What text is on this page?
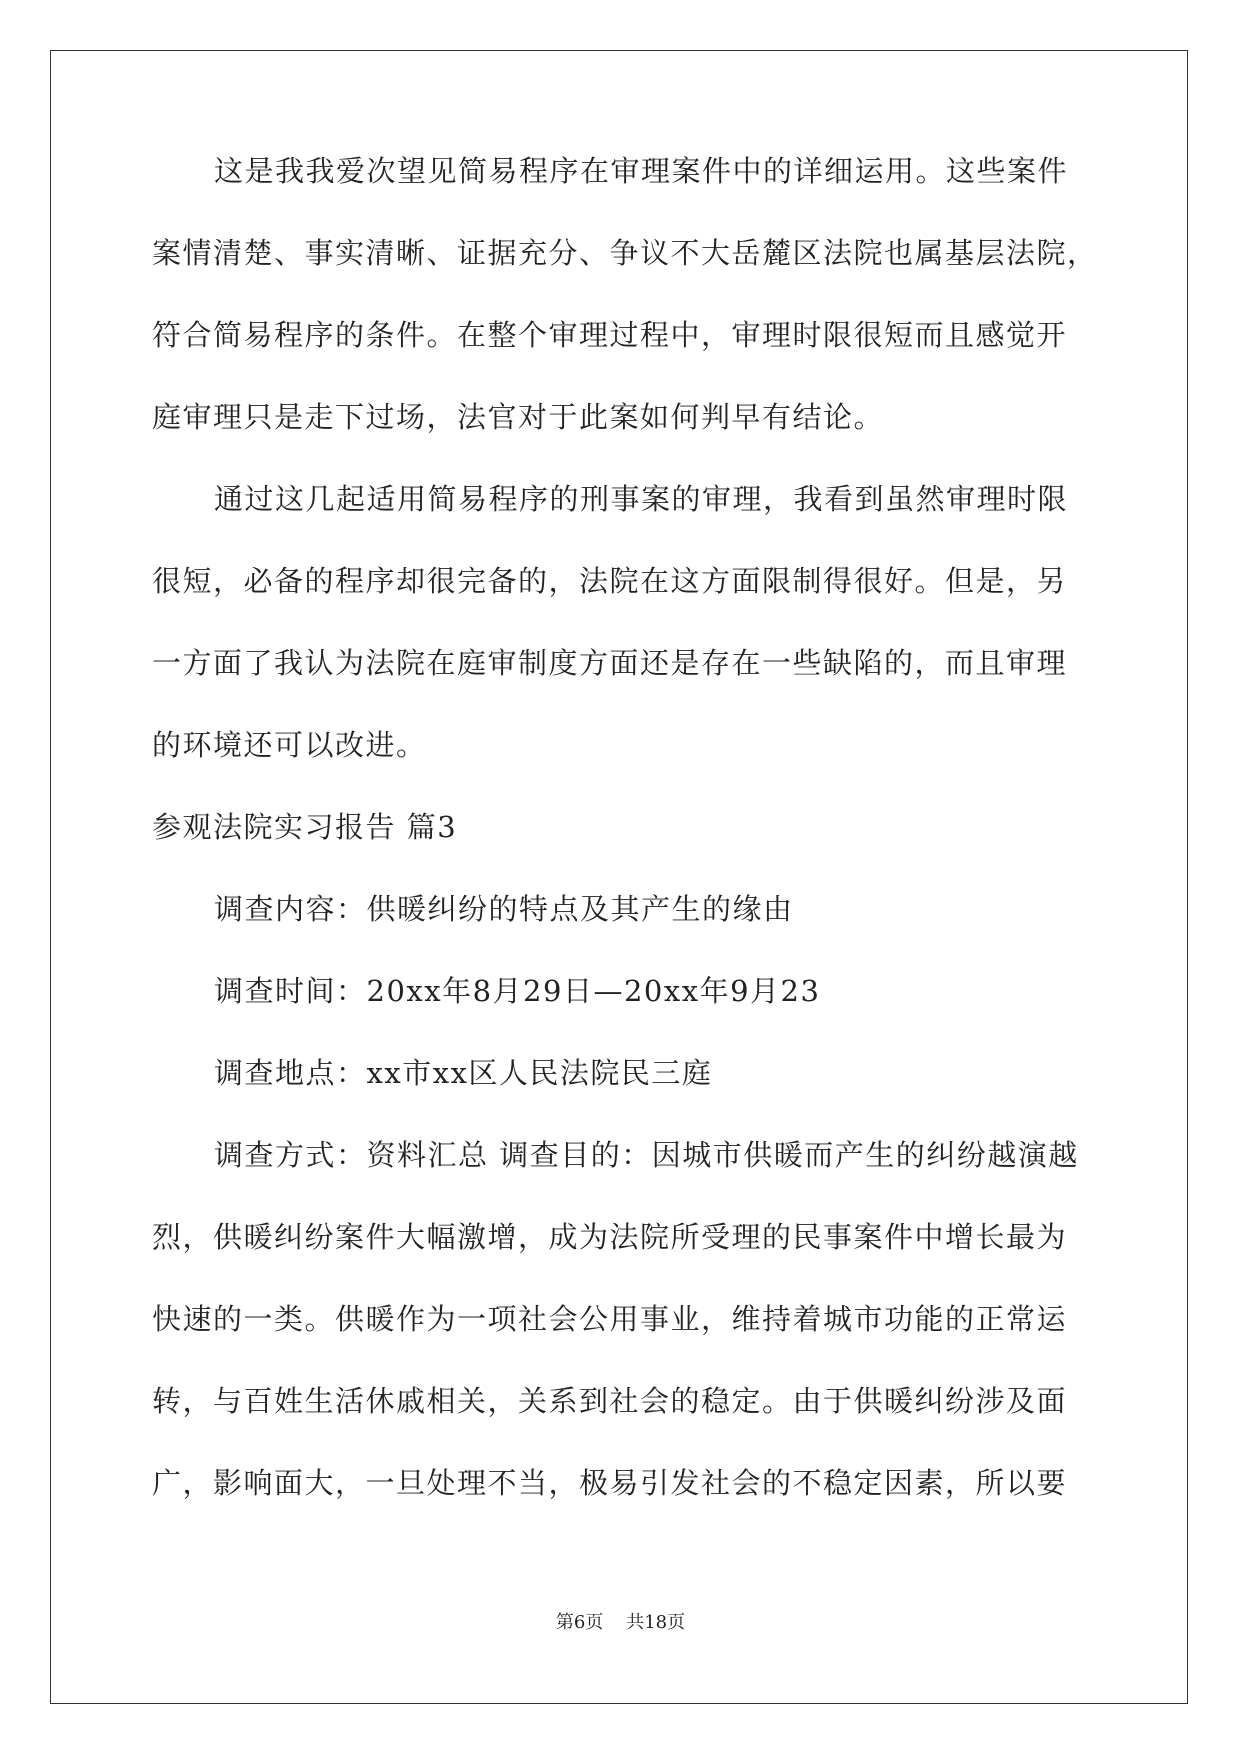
这是我我爱次望见简易程序在审理案件中的详细运用。这些案件
案情清楚、事实清晰、证据充分、争议不大岳麓区法院也属基层法院，
符合简易程序的条件。在整个审理过程中，审理时限很短而且感觉开
庭审理只是走下过场，法官对于此案如何判早有结论。
通过这几起适用简易程序的刑事案的审理，我看到虽然审理时限
很短，必备的程序却很完备的，法院在这方面限制得很好。但是，另
一方面了我认为法院在庭审制度方面还是存在一些缺陷的，而且审理
的环境还可以改进。
参观法院实习报告 篇3
调查内容：供暖纠纷的特点及其产生的缘由
调查时间：20xx年8月29日—20xx年9月23
调查地点：xx市xx区人民法院民三庭
调查方式：资料汇总 调查目的：因城市供暖而产生的纠纷越演越
烈，供暖纠纷案件大幅激增，成为法院所受理的民事案件中增长最为
快速的一类。供暖作为一项社会公用事业，维持着城市功能的正常运
转，与百姓生活休戚相关，关系到社会的稳定。由于供暖纠纷涉及面
广，影响面大，一旦处理不当，极易引发社会的不稳定因素，所以要
第6页 共18页
